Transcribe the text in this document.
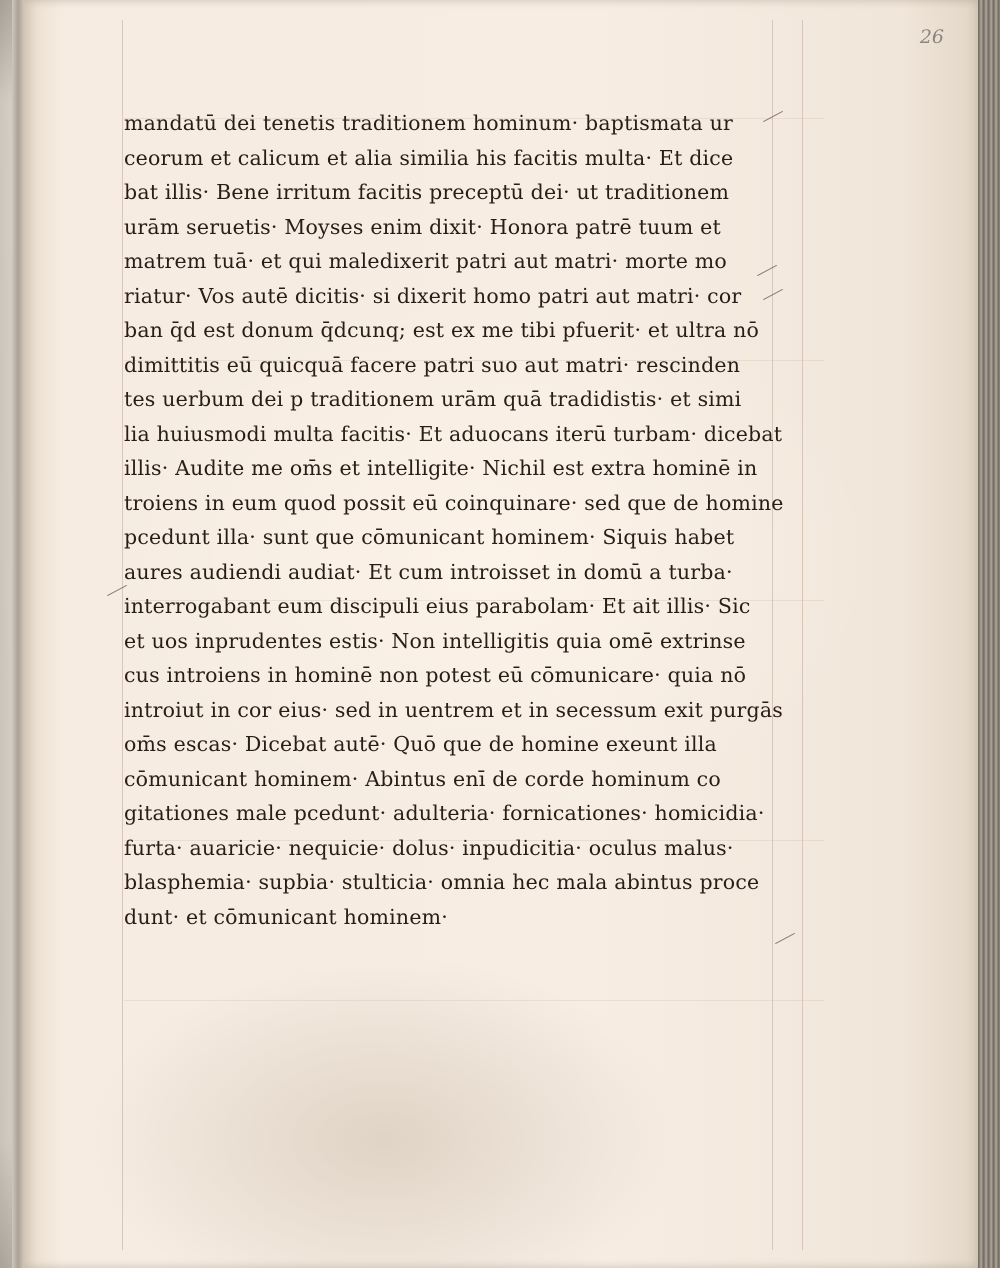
26
mandatū dei tenetis traditionem hominum· baptismata ur
ceorum et calicum et alia similia his facitis multa· Et dice
bat illis· Bene irritum facitis preceptū dei· ut traditionem
urām seruetis· Moyses enim dixit· Honora patrē tuum et
matrem tuā· et qui maledixerit patri aut matri· morte mo
riatur· Vos autē dicitis· si dixerit homo patri aut matri· cor
ban q̄d est donum q̄dcunq; est ex me tibi pfuerit· et ultra nō
dimittitis eū quicquā facere patri suo aut matri· rescinden
tes uerbum dei p traditionem urām quā tradidistis· et simi
lia huiusmodi multa facitis· Et aduocans iterū turbam· dicebat
illis· Audite me om̄s et intelligite· Nichil est extra hominē in
troiens in eum quod possit eū coinquinare· sed que de homine
pcedunt illa· sunt que cōmunicant hominem· Siquis habet
aures audiendi audiat· Et cum introisset in domū a turba·
interrogabant eum discipuli eius parabolam· Et ait illis· Sic
et uos inprudentes estis· Non intelligitis quia omē extrinse
cus introiens in hominē non potest eū cōmunicare· quia nō
introiut in cor eius· sed in uentrem et in secessum exit purgās
om̄s escas· Dicebat autē· Quō que de homine exeunt illa
cōmunicant hominem· Abintus enī de corde hominum co
gitationes male pcedunt· adulteria· fornicationes· homicidia·
furta· auaricie· nequicie· dolus· inpudicitia· oculus malus·
blasphemia· supbia· stulticia· omnia hec mala abintus proce
dunt· et cōmunicant hominem·
